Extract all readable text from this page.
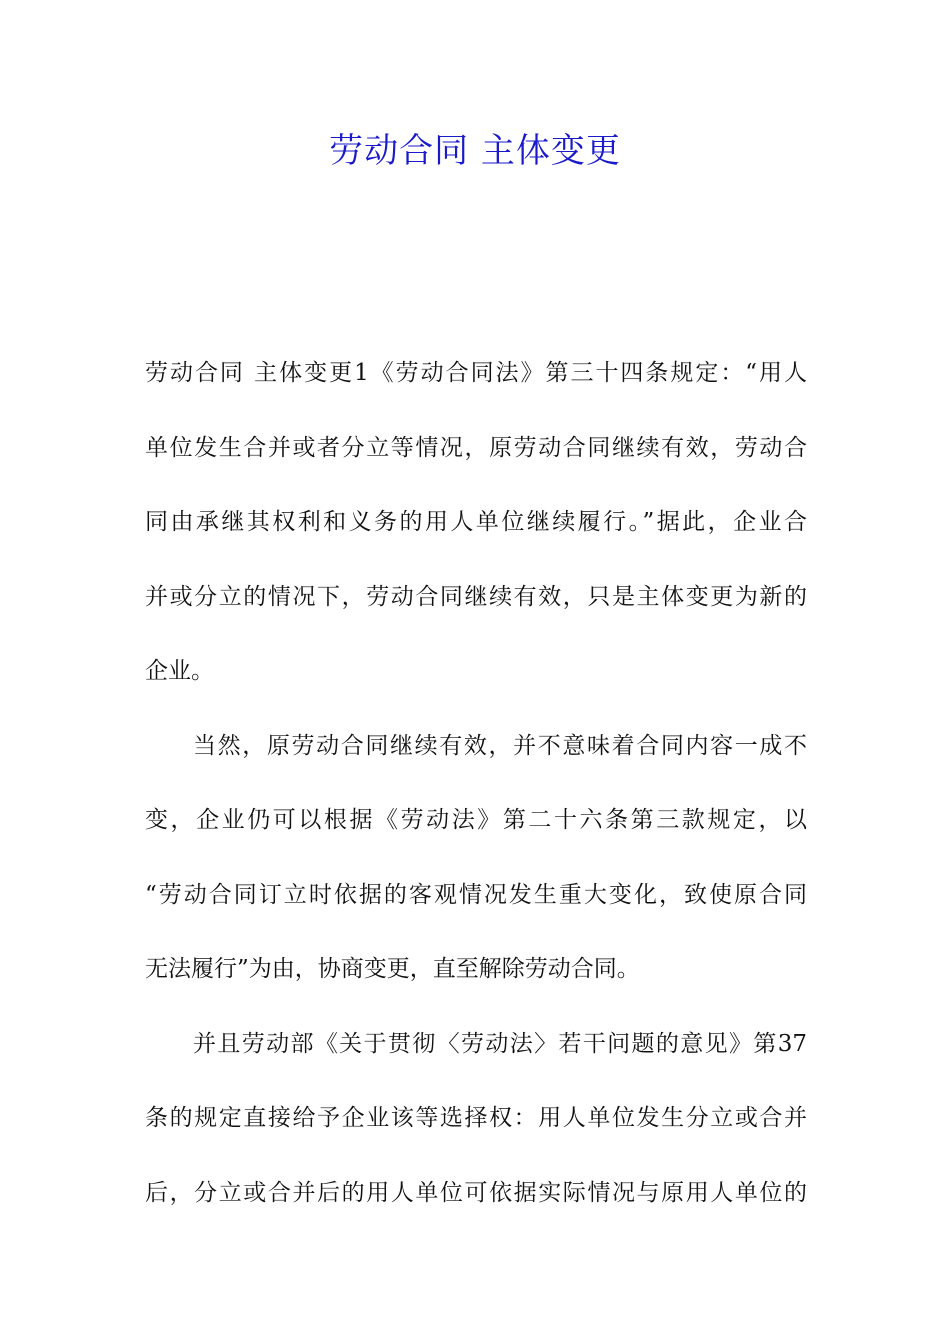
劳动合同 主体变更
劳动合同 主体变更1《劳动合同法》第三十四条规定：“用人
单位发生合并或者分立等情况，原劳动合同继续有效，劳动合
同由承继其权利和义务的用人单位继续履行。”据此，企业合
并或分立的情况下，劳动合同继续有效，只是主体变更为新的
企业。
当然，原劳动合同继续有效，并不意味着合同内容一成不
变，企业仍可以根据《劳动法》第二十六条第三款规定，以
“劳动合同订立时依据的客观情况发生重大变化，致使原合同
无法履行”为由，协商变更，直至解除劳动合同。
并且劳动部《关于贯彻〈劳动法〉若干问题的意见》第37
条的规定直接给予企业该等选择权：用人单位发生分立或合并
后，分立或合并后的用人单位可依据实际情况与原用人单位的
